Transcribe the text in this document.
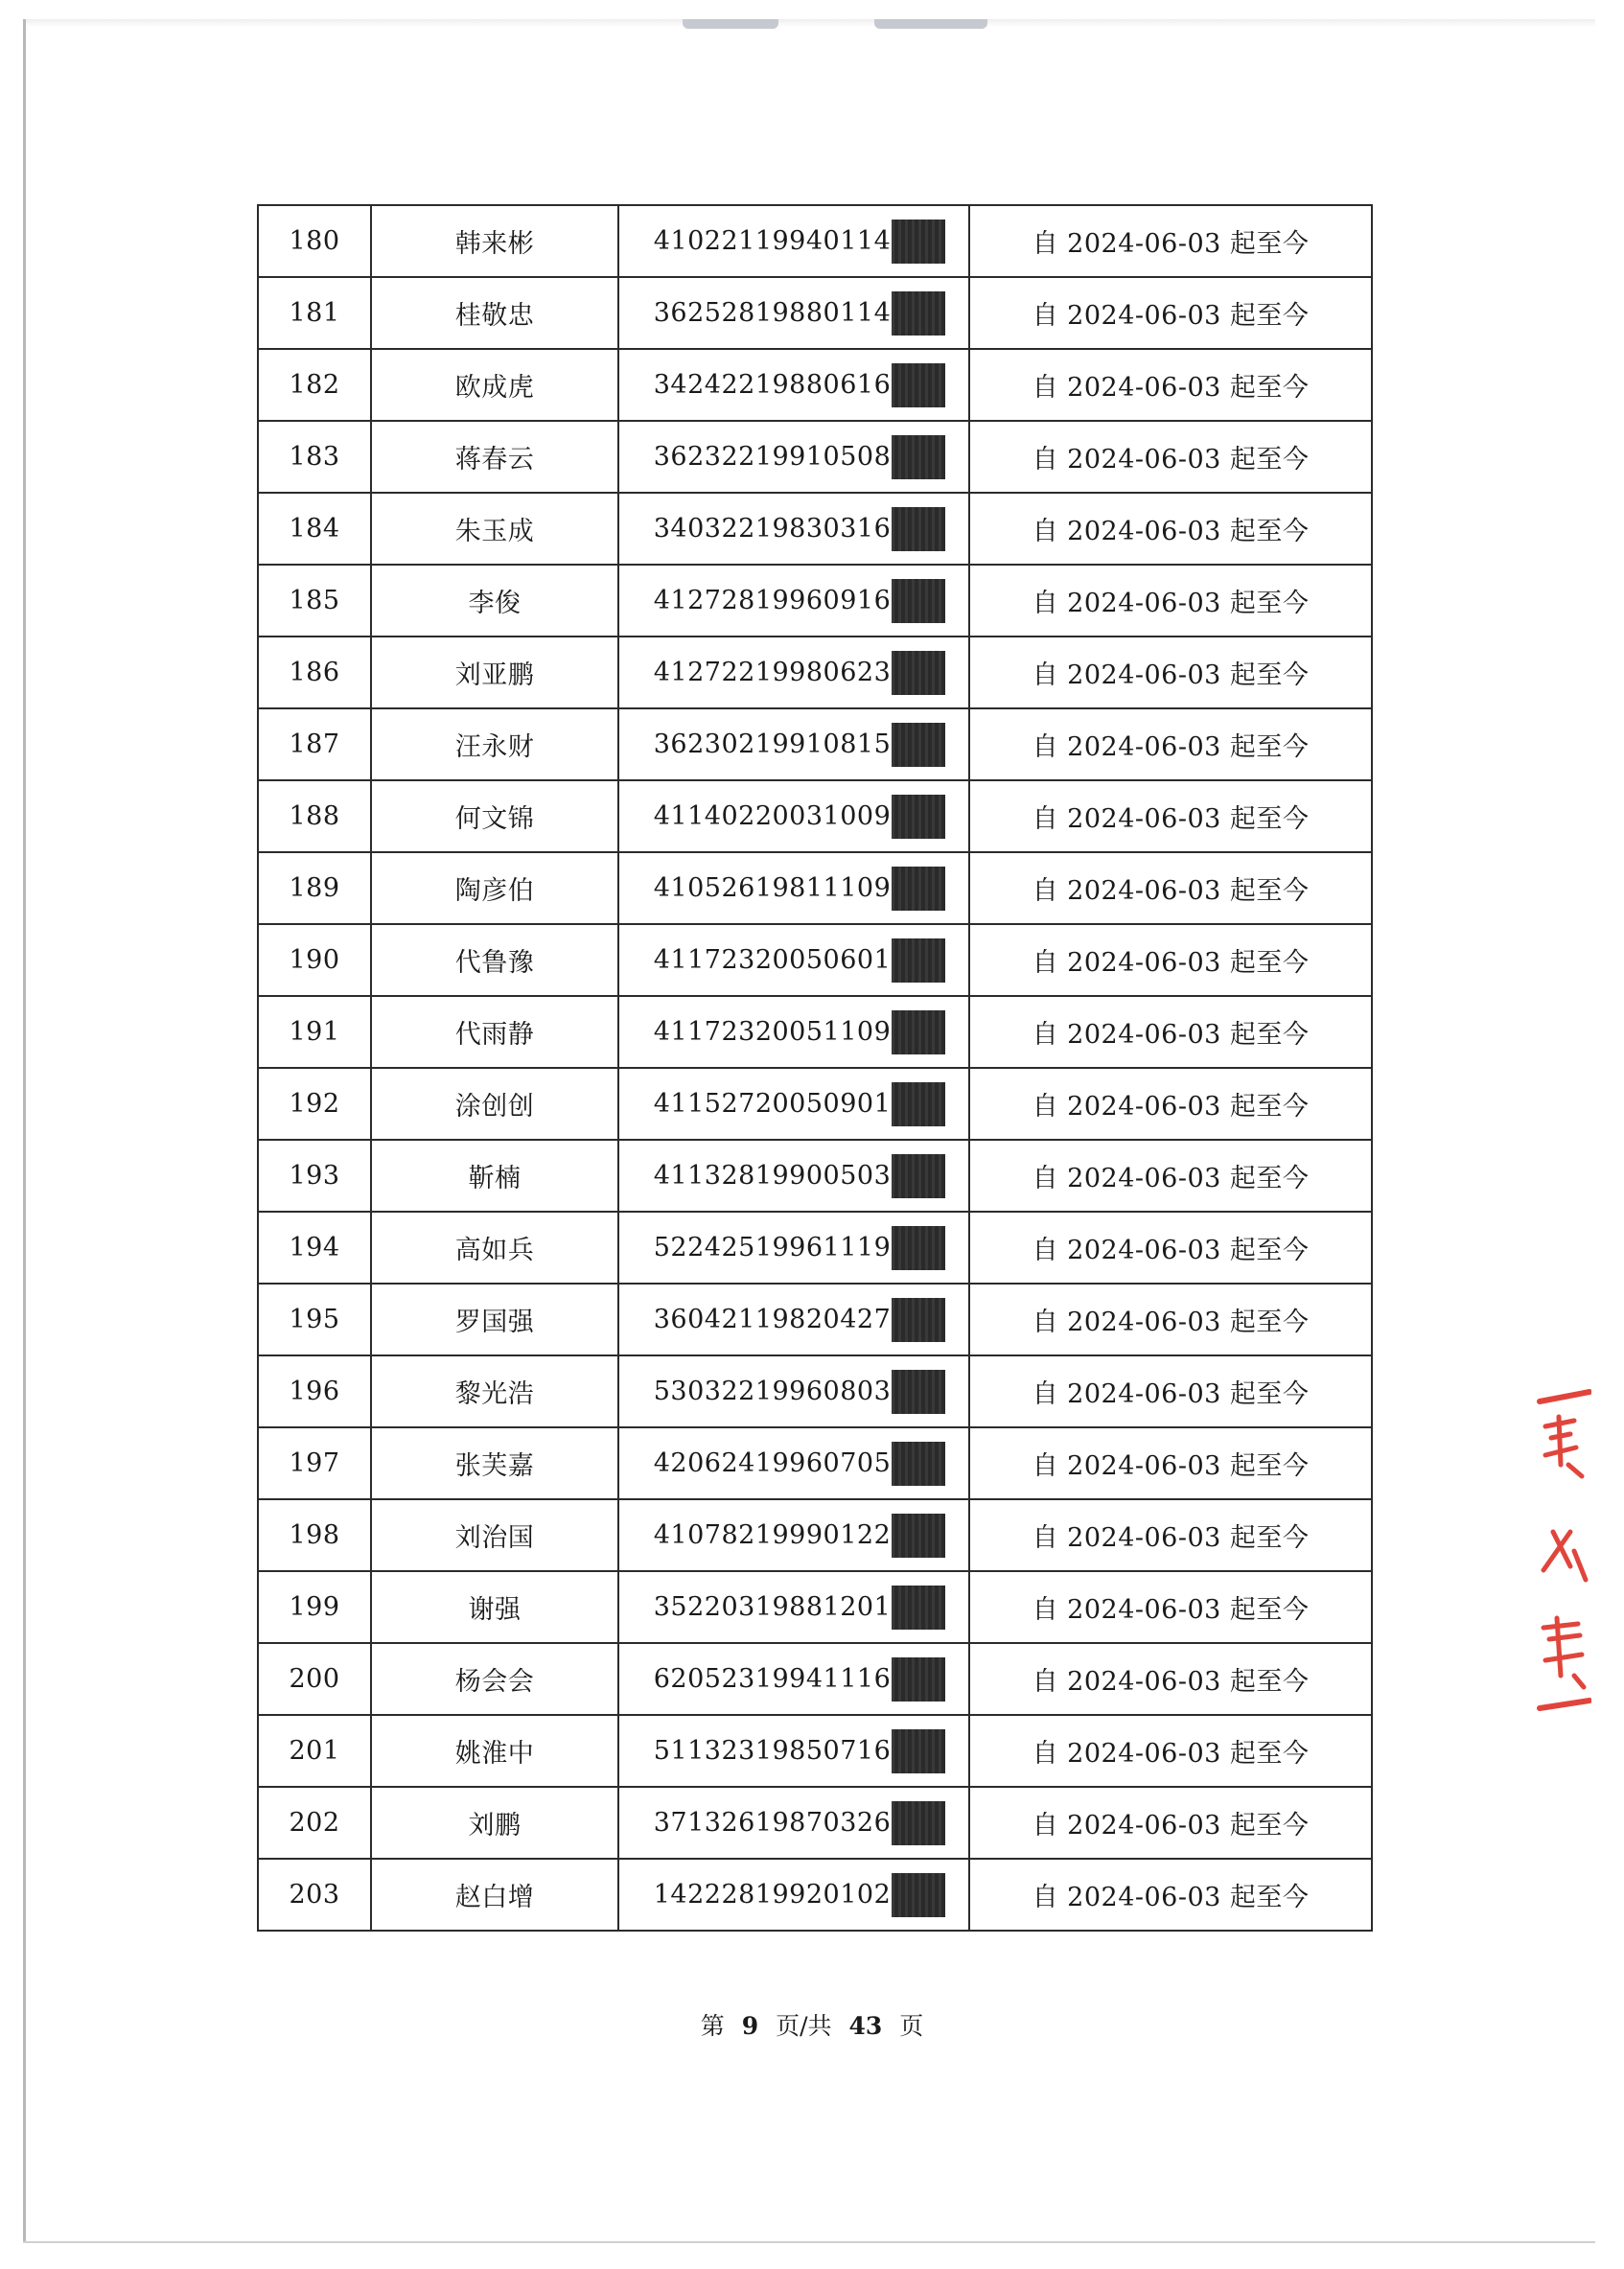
180	韩来彬	41022119940114	自 2024-06-03 起至今
181	桂敬忠	36252819880114	自 2024-06-03 起至今
182	欧成虎	34242219880616	自 2024-06-03 起至今
183	蒋春云	36232219910508	自 2024-06-03 起至今
184	朱玉成	34032219830316	自 2024-06-03 起至今
185	李俊	41272819960916	自 2024-06-03 起至今
186	刘亚鹏	41272219980623	自 2024-06-03 起至今
187	汪永财	36230219910815	自 2024-06-03 起至今
188	何文锦	41140220031009	自 2024-06-03 起至今
189	陶彦伯	41052619811109	自 2024-06-03 起至今
190	代鲁豫	41172320050601	自 2024-06-03 起至今
191	代雨静	41172320051109	自 2024-06-03 起至今
192	涂创创	41152720050901	自 2024-06-03 起至今
193	靳楠	41132819900503	自 2024-06-03 起至今
194	高如兵	52242519961119	自 2024-06-03 起至今
195	罗国强	36042119820427	自 2024-06-03 起至今
196	黎光浩	53032219960803	自 2024-06-03 起至今
197	张芙嘉	42062419960705	自 2024-06-03 起至今
198	刘治国	41078219990122	自 2024-06-03 起至今
199	谢强	35220319881201	自 2024-06-03 起至今
200	杨会会	62052319941116	自 2024-06-03 起至今
201	姚淮中	51132319850716	自 2024-06-03 起至今
202	刘鹏	37132619870326	自 2024-06-03 起至今
203	赵白增	14222819920102	自 2024-06-03 起至今
第 9 页/共 43 页
